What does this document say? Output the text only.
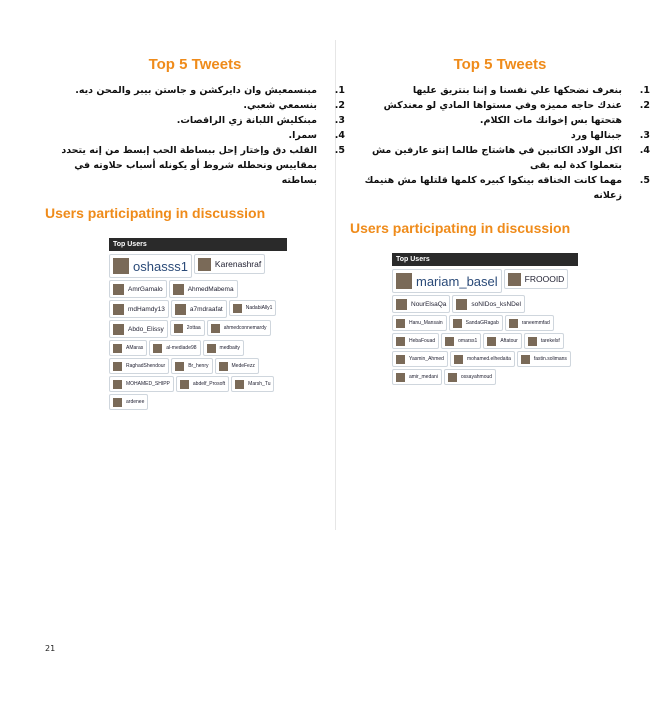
Top 5 Tweets
.1
مبنسمعيش وان دايركشن و جاستن بيبر والمحن ديه.
.2
بنسمعي شعبي.
.3
مبنكليش اللبانة زي الراقصات.
.4
سمرا.
.5
القلب دق وإختار إحل ببساطة الحب إبسط من إنه يتحدد بمقاييس ونحطله شروط أو يكونله أسباب حلاوته في بساطته
Users participating in discussion
Top Users
oshasss1	Karenashraf
AmrGamalo	AhmedMabema
mdHamdy13	a7mdraafat	NadabiAlly1
Abdo_Elissy	2ottaa	ahmedconnemardy
AMaras	al-mediade98	medbaity
RaghadShendour	Br_henry	MedeFezz
MOHAMED_SHIPP	abdelf_Prosoft	Marsh_Tu
ardenee
Top 5 Tweets
.1
بنعرف نضحكها علي نفسنا و إننا بنتريق عليها
.2
عندك حاجه مميزه وفي مستواها المادي لو معندكش هتحتها بس إخوانك مات الكلام.
.3
جبنالها ورد
.4
اكل الولاد الكاتبين في هاشتاج طالما إنتو عارفين مش بتعملوا كدة ليه بقى
.5
مهما كانت الخناقه بينكوا كبيره كلمها قلتلها مش هنيمك زعلانه
Users participating in discussion
Top Users
mariam_basel	FROOOID
NourElsaQa	soNIDos_ksNDel
Hanu_Mansain	SandaGRagab	raneemmfad
HebaFouad	omarss1	Aftatour	tarekelsf
Yasmin_Ahmed	mohamed.elhedaita	fastin.solimans
amir_medani	ossayahmoud
21
